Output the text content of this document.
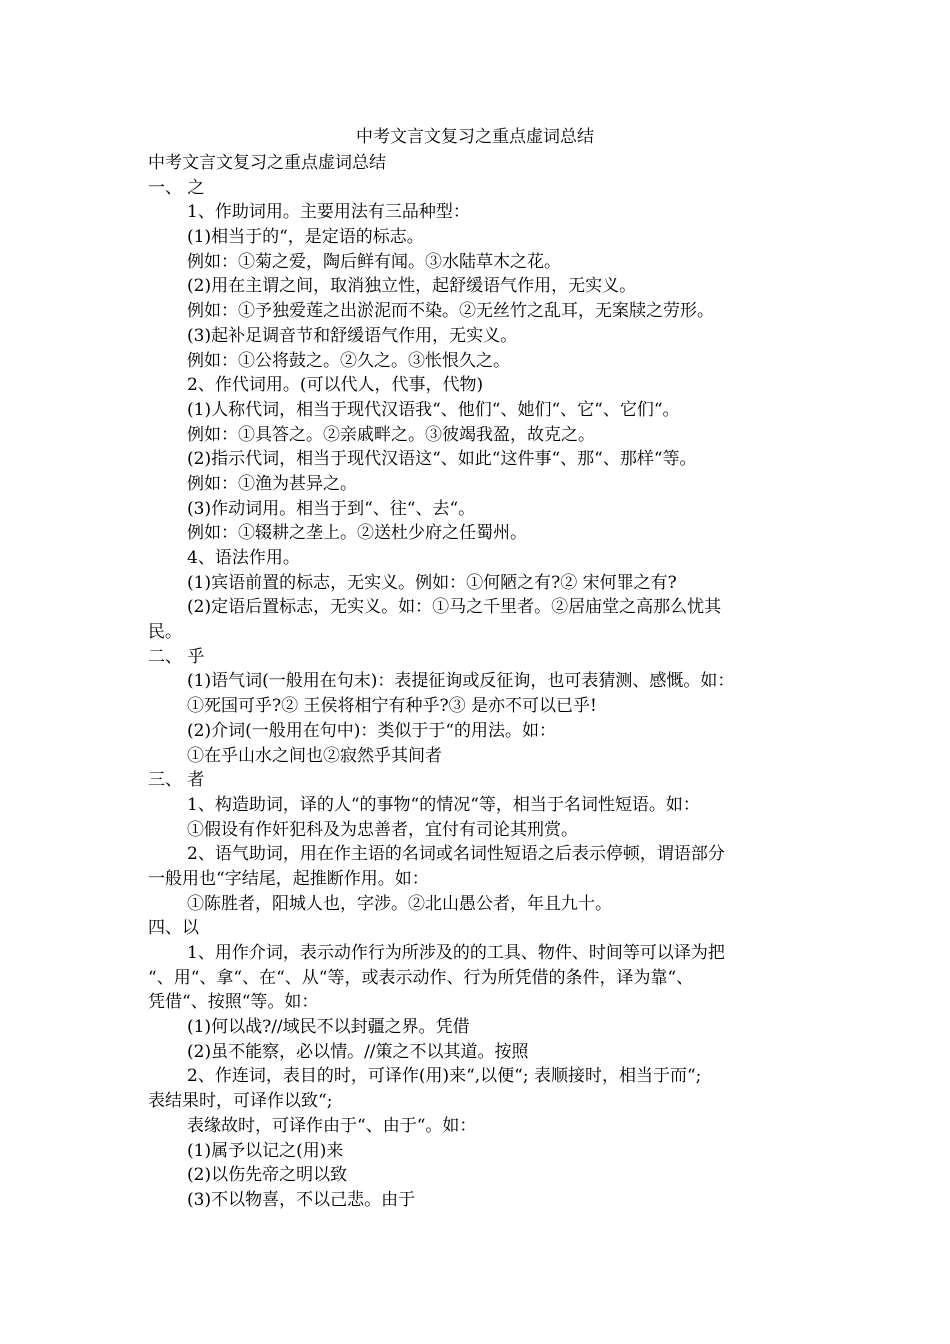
中考文言文复习之重点虚词总结
中考文言文复习之重点虚词总结
一、 之
1、作助词用。主要用法有三品种型：
(1)相当于的“，是定语的标志。
例如：①菊之爱，陶后鲜有闻。③水陆草木之花。
(2)用在主谓之间，取消独立性，起舒缓语气作用，无实义。
例如：①予独爱莲之出淤泥而不染。②无丝竹之乱耳，无案牍之劳形。
(3)起补足调音节和舒缓语气作用，无实义。
例如：①公将鼓之。②久之。③怅恨久之。
2、作代词用。(可以代人，代事，代物)
(1)人称代词，相当于现代汉语我“、他们“、她们“、它“、它们“。
例如：①具答之。②亲戚畔之。③彼竭我盈，故克之。
(2)指示代词，相当于现代汉语这“、如此“这件事“、那“、那样“等。
例如：①渔为甚异之。
(3)作动词用。相当于到“、往“、去“。
例如：①辍耕之垄上。②送杜少府之任蜀州。
4、语法作用。
(1)宾语前置的标志，无实义。例如：①何陋之有?② 宋何罪之有?
(2)定语后置标志，无实义。如：①马之千里者。②居庙堂之高那么忧其
民。
二、 乎
(1)语气词(一般用在句末)：表提征询或反征询，也可表猜测、感慨。如：
①死国可乎?② 王侯将相宁有种乎?③ 是亦不可以已乎!
(2)介词(一般用在句中)：类似于于“的用法。如：
①在乎山水之间也②寂然乎其间者
三、 者
1、构造助词，译的人“的事物“的情况“等，相当于名词性短语。如：
①假设有作奸犯科及为忠善者，宜付有司论其刑赏。
2、语气助词，用在作主语的名词或名词性短语之后表示停顿，谓语部分
一般用也“字结尾，起推断作用。如：
①陈胜者，阳城人也，字涉。②北山愚公者，年且九十。
四、以
1、用作介词，表示动作行为所涉及的的工具、物件、时间等可以译为把
“、用“、拿“、在“、从“等，或表示动作、行为所凭借的条件，译为靠“、
凭借“、按照“等。如：
(1)何以战?//域民不以封疆之界。凭借
(2)虽不能察，必以情。//策之不以其道。按照
2、作连词，表目的时，可译作(用)来“,以便“; 表顺接时，相当于而“;
表结果时，可译作以致“;
表缘故时，可译作由于“、由于“。如：
(1)属予以记之(用)来
(2)以伤先帝之明以致
(3)不以物喜，不以己悲。由于
